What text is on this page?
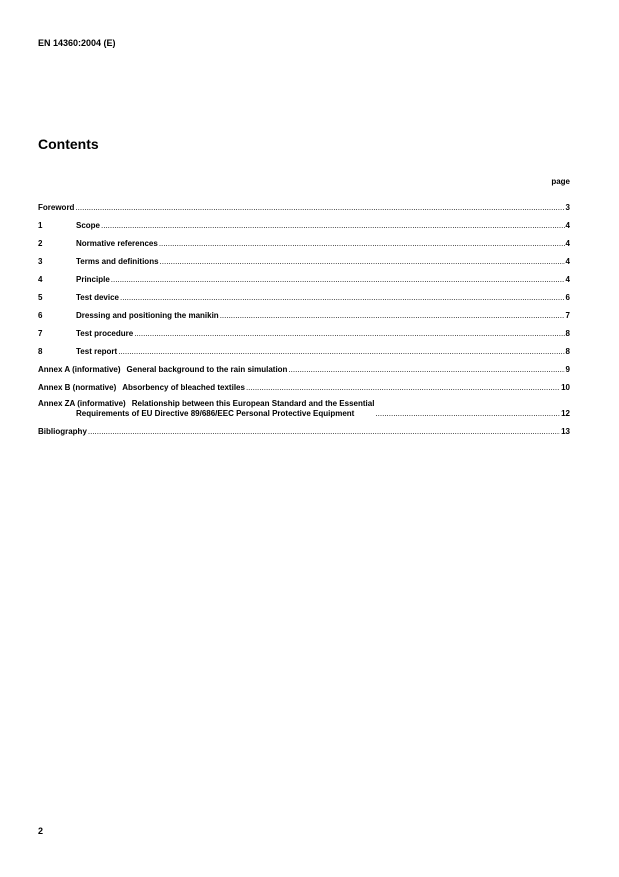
EN 14360:2004 (E)
Contents
page
Foreword .....	3
1	Scope .....	4
2	Normative references .....	4
3	Terms and definitions .....	4
4	Principle .....	4
5	Test device .....	6
6	Dressing and positioning the manikin .....	7
7	Test procedure .....	8
8	Test report .....	8
Annex A (informative) General background to the rain simulation .....	9
Annex B (normative) Absorbency of bleached textiles .....	10
Annex ZA (informative) Relationship between this European Standard and the Essential
Requirements of EU Directive 89/686/EEC Personal Protective Equipment .....	12
Bibliography .....	13
2
